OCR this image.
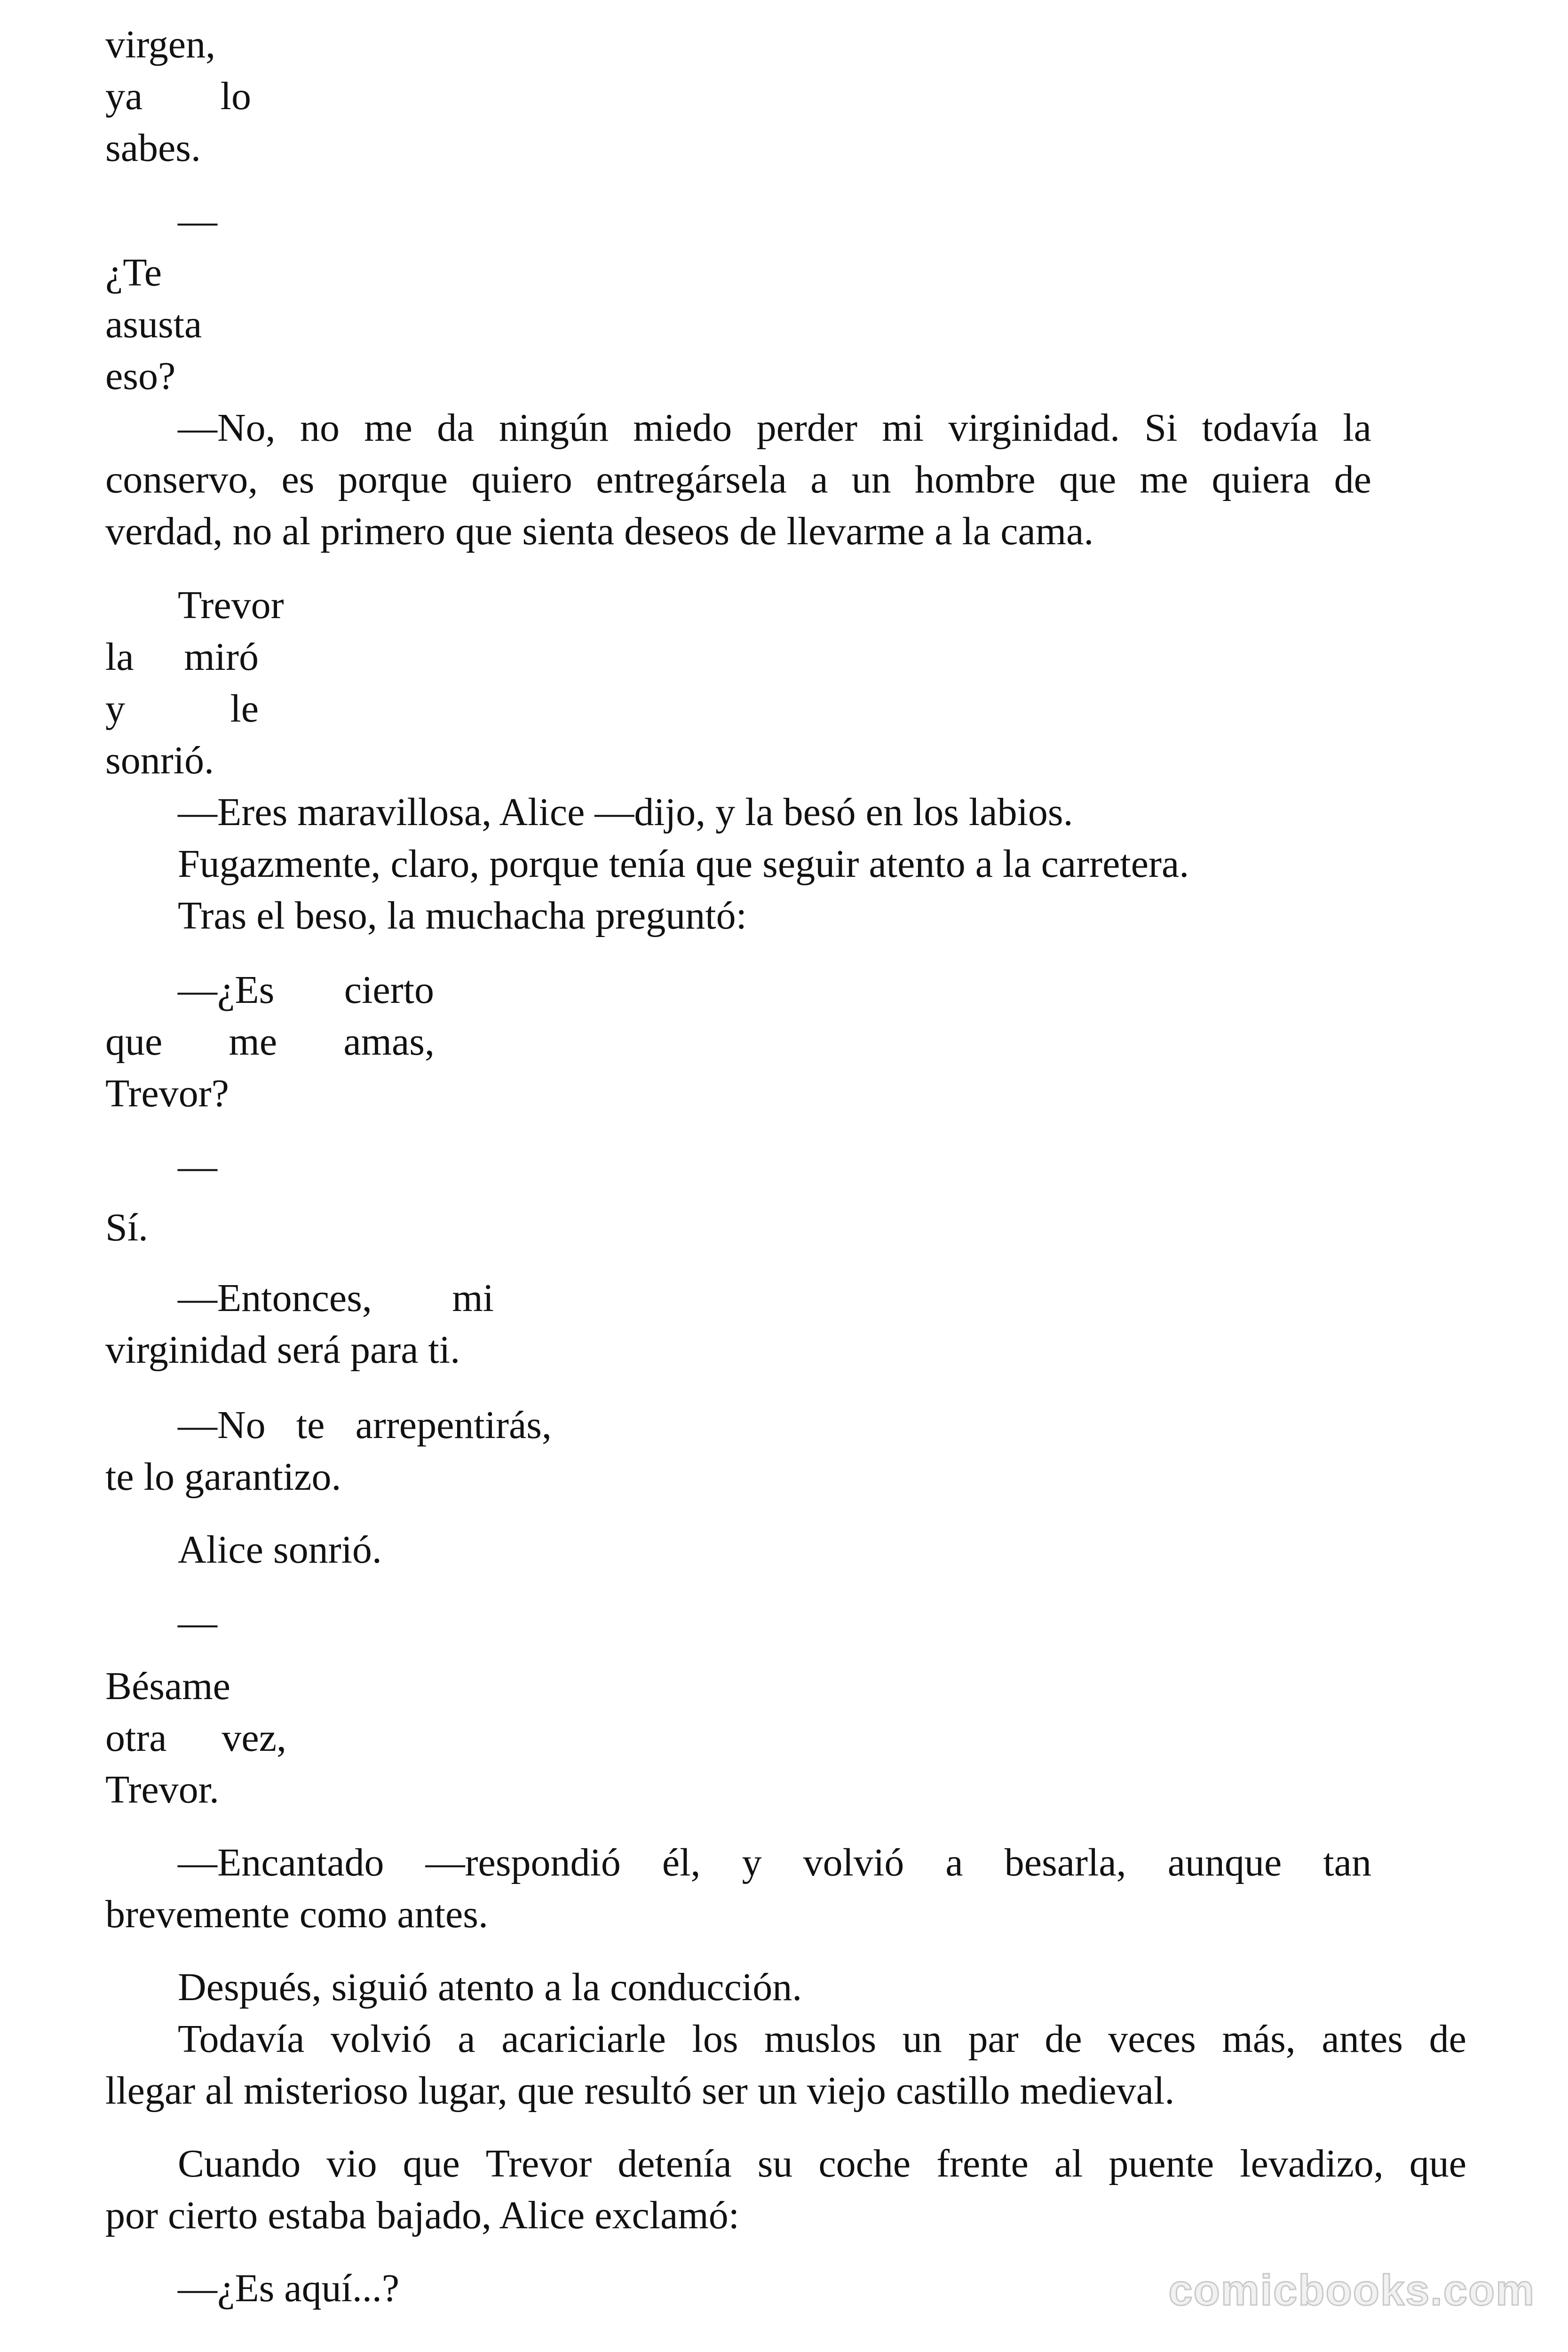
virgen,
ya lo
sabes.
—
¿Te
asusta
eso?
—No, no me da ningún miedo perder mi virginidad. Si todavía la
conservo, es porque quiero entregársela a un hombre que me quiera de
verdad, no al primero que sienta deseos de llevarme a la cama.
Trevor
la miró
y	le
sonrió.
—Eres maravillosa, Alice —dijo, y la besó en los labios.
Fugazmente, claro, porque tenía que seguir atento a la carretera.
Tras el beso, la muchacha preguntó:
—¿Es cierto
que me amas,
Trevor?
—
Sí.
—Entonces, mi
virginidad será para ti.
—No te arrepentirás,
te lo garantizo.
Alice sonrió.
—
Bésame
otra vez,
Trevor.
—Encantado —respondió él, y volvió a besarla, aunque tan
brevemente como antes.
Después, siguió atento a la conducción.
Todavía volvió a acariciarle los muslos un par de veces más, antes de
llegar al misterioso lugar, que resultó ser un viejo castillo medieval.
Cuando vio que Trevor detenía su coche frente al puente levadizo, que
por cierto estaba bajado, Alice exclamó:
—¿Es aquí...?	comicbooks.com
